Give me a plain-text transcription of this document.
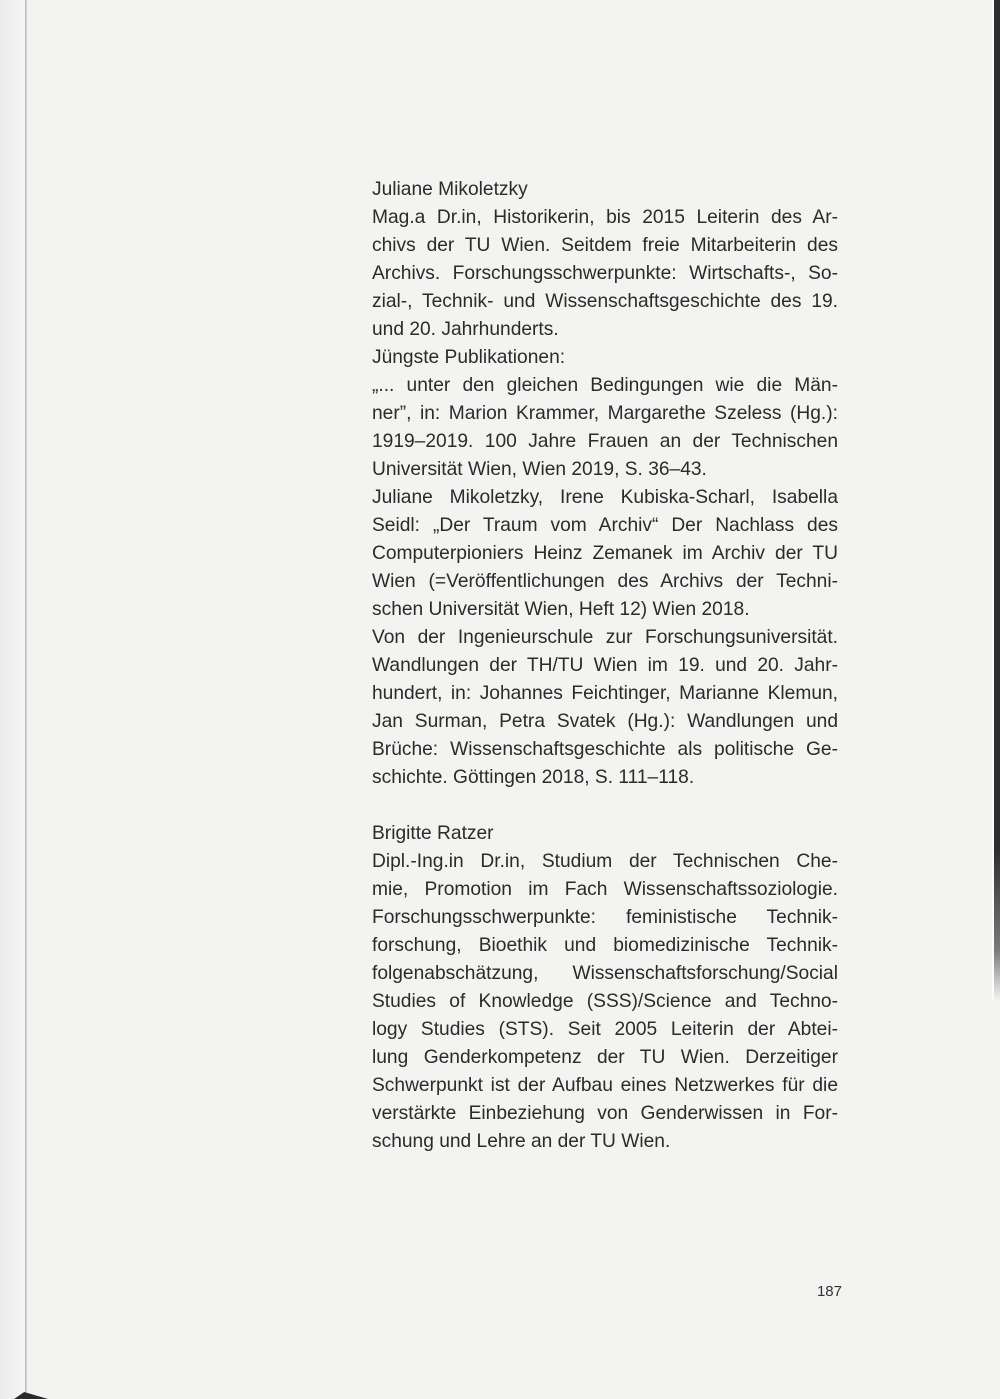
Juliane Mikoletzky
Mag.a Dr.in, Historikerin, bis 2015 Leiterin des Ar-
chivs der TU Wien. Seitdem freie Mitarbeiterin des
Archivs. Forschungsschwerpunkte: Wirtschafts-, So-
zial-, Technik- und Wissenschaftsgeschichte des 19.
und 20. Jahrhunderts.
Jüngste Publikationen:
„... unter den gleichen Bedingungen wie die Män-
ner”, in: Marion Krammer, Margarethe Szeless (Hg.):
1919–2019. 100 Jahre Frauen an der Technischen
Universität Wien, Wien 2019, S. 36–43.
Juliane Mikoletzky, Irene Kubiska-Scharl, Isabella
Seidl: „Der Traum vom Archiv“ Der Nachlass des
Computerpioniers Heinz Zemanek im Archiv der TU
Wien (=Veröffentlichungen des Archivs der Techni-
schen Universität Wien, Heft 12) Wien 2018.
Von der Ingenieurschule zur Forschungsuniversität.
Wandlungen der TH/TU Wien im 19. und 20. Jahr-
hundert, in: Johannes Feichtinger, Marianne Klemun,
Jan Surman, Petra Svatek (Hg.): Wandlungen und
Brüche: Wissenschaftsgeschichte als politische Ge-
schichte. Göttingen 2018, S. 111–118.
Brigitte Ratzer
Dipl.-Ing.in Dr.in, Studium der Technischen Che-
mie, Promotion im Fach Wissenschaftssoziologie.
Forschungsschwerpunkte: feministische Technik-
forschung, Bioethik und biomedizinische Technik-
folgenabschätzung, Wissenschaftsforschung/Social
Studies of Knowledge (SSS)/Science and Techno-
logy Studies (STS). Seit 2005 Leiterin der Abtei-
lung Genderkompetenz der TU Wien. Derzeitiger
Schwerpunkt ist der Aufbau eines Netzwerkes für die
verstärkte Einbeziehung von Genderwissen in For-
schung und Lehre an der TU Wien.
187
